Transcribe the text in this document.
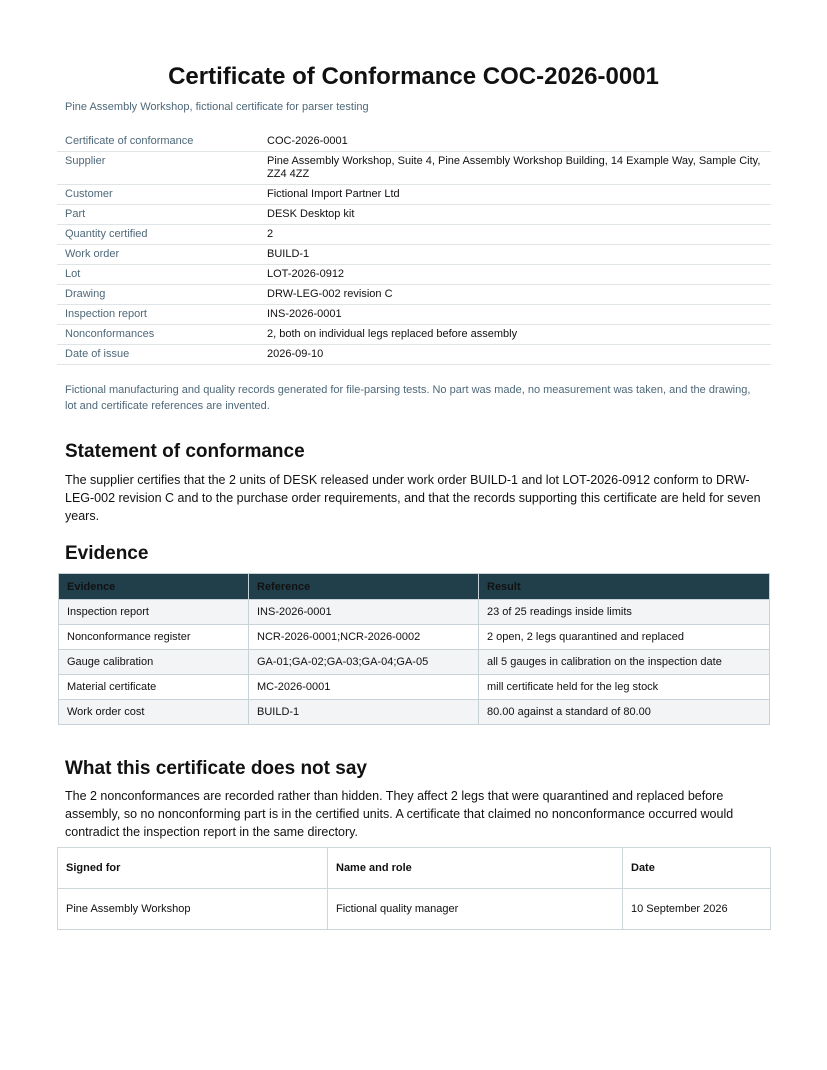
Certificate of Conformance COC-2026-0001
Pine Assembly Workshop, fictional certificate for parser testing
Certificate of conformance	COC-2026-0001
Supplier	Pine Assembly Workshop, Suite 4, Pine Assembly Workshop Building, 14 Example Way, Sample City, ZZ4 4ZZ
Customer	Fictional Import Partner Ltd
Part	DESK Desktop kit
Quantity certified	2
Work order	BUILD-1
Lot	LOT-2026-0912
Drawing	DRW-LEG-002 revision C
Inspection report	INS-2026-0001
Nonconformances	2, both on individual legs replaced before assembly
Date of issue	2026-09-10
Fictional manufacturing and quality records generated for file-parsing tests. No part was made, no measurement was taken, and the drawing, lot and certificate references are invented.
Statement of conformance

The supplier certifies that the 2 units of DESK released under work order BUILD-1 and lot LOT-2026-0912 conform to DRW-LEG-002 revision C and to the purchase order requirements, and that the records supporting this certificate are held for seven years.

Evidence
Evidence	Reference	Result
Inspection report	INS-2026-0001	23 of 25 readings inside limits
Nonconformance register	NCR-2026-0001;NCR-2026-0002	2 open, 2 legs quarantined and replaced
Gauge calibration	GA-01;GA-02;GA-03;GA-04;GA-05	all 5 gauges in calibration on the inspection date
Material certificate	MC-2026-0001	mill certificate held for the leg stock
Work order cost	BUILD-1	80.00 against a standard of 80.00
What this certificate does not say

The 2 nonconformances are recorded rather than hidden. They affect 2 legs that were quarantined and replaced before assembly, so no nonconforming part is in the certified units. A certificate that claimed no nonconformance occurred would contradict the inspection report in the same directory.

Signed for	Name and role	Date
Pine Assembly Workshop	Fictional quality manager	10 September 2026
